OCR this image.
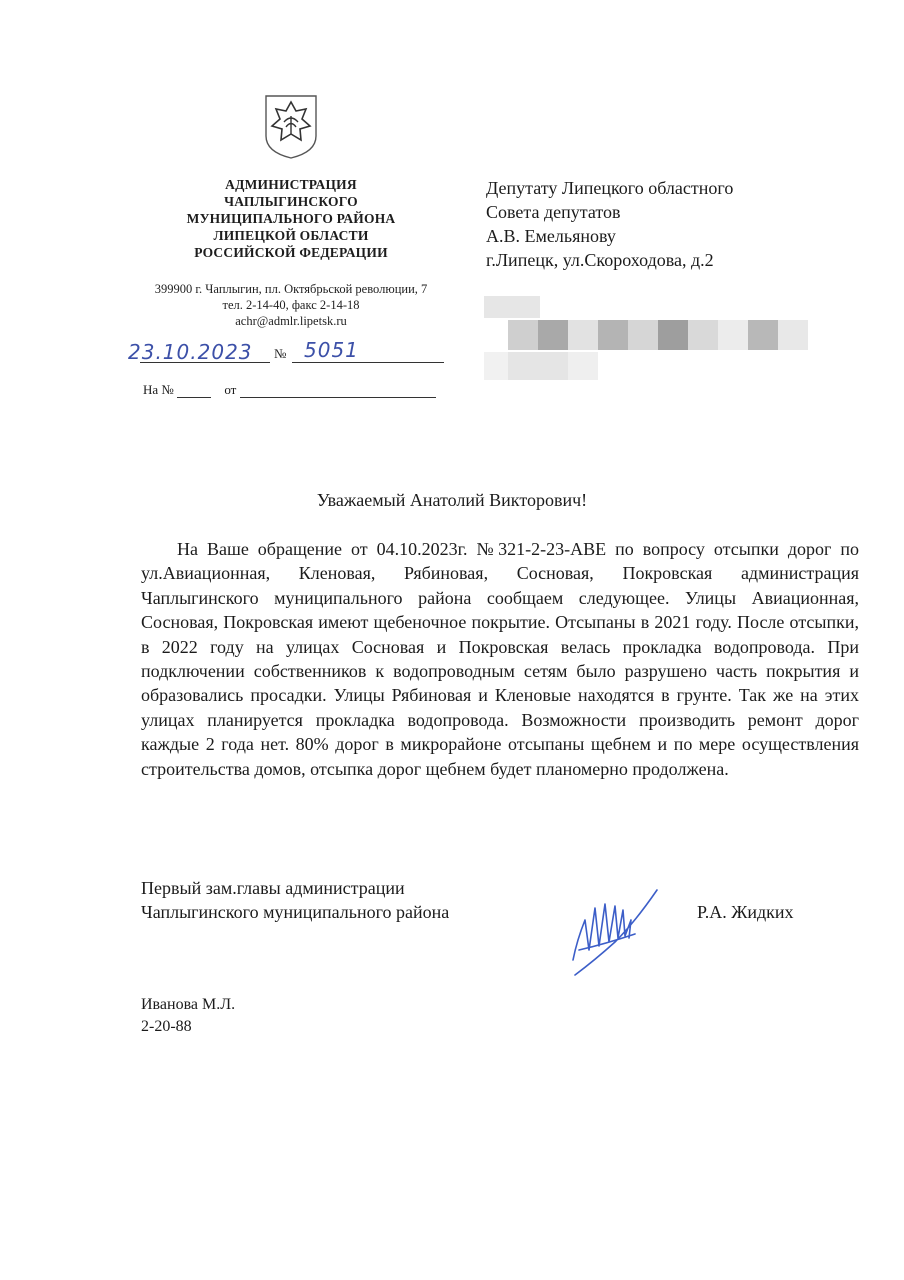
АДМИНИСТРАЦИЯ
ЧАПЛЫГИНСКОГО
МУНИЦИПАЛЬНОГО РАЙОНА
ЛИПЕЦКОЙ ОБЛАСТИ
РОССИЙСКОЙ ФЕДЕРАЦИИ
399900 г. Чаплыгин, пл. Октябрьской революции, 7
тел. 2-14-40, факс 2-14-18
achr@admlr.lipetsk.ru
23.10.2023 № 5051
На №	от
Депутату Липецкого областного
Совета депутатов
А.В. Емельянову
г.Липецк, ул.Скороходова, д.2
Уважаемый Анатолий Викторович!

На Ваше обращение от 04.10.2023г. №321-2-23-АВЕ по вопросу отсыпки дорог по ул.Авиационная, Кленовая, Рябиновая, Сосновая, Покровская администрация Чаплыгинского муниципального района сообщаем следующее. Улицы Авиационная, Сосновая, Покровская имеют щебеночное покрытие. Отсыпаны в 2021 году. После отсыпки, в 2022 году на улицах Сосновая и Покровская велась прокладка водопровода. При подключении собственников к водопроводным сетям было разрушено часть покрытия и образовались просадки. Улицы Рябиновая и Кленовые находятся в грунте. Так же на этих улицах планируется прокладка водопровода. Возможности производить ремонт дорог каждые 2 года нет. 80% дорог в микрорайоне отсыпаны щебнем и по мере осуществления строительства домов, отсыпка дорог щебнем будет планомерно продолжена.

Первый зам.главы администрации
Чаплыгинского муниципального района	Р.А. Жидких
Иванова М.Л.
2-20-88
